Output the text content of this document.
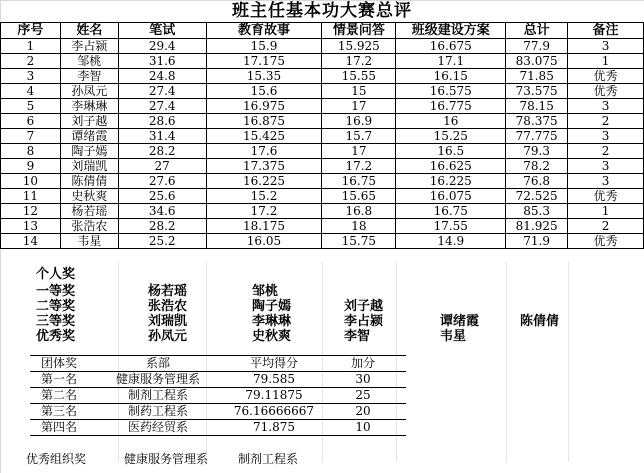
班主任基本功大赛总评
序号	姓名	笔试	教育故事	情景问答	班级建设方案	总计	备注
1	李占颍	29.4	15.9	15.925	16.675	77.9	3
2	邹桃	31.6	17.175	17.2	17.1	83.075	1
3	李智	24.8	15.35	15.55	16.15	71.85	优秀
4	孙凤元	27.4	15.6	15	16.575	73.575	优秀
5	李琳琳	27.4	16.975	17	16.775	78.15	3
6	刘子越	28.6	16.875	16.9	16	78.375	2
7	谭绪霞	31.4	15.425	15.7	15.25	77.775	3
8	陶子嫣	28.2	17.6	17	16.5	79.3	2
9	刘瑞凯	27	17.375	17.2	16.625	78.2	3
10	陈倩倩	27.6	16.225	16.75	16.225	76.8	3
11	史秋爽	25.6	15.2	15.65	16.075	72.525	优秀
12	杨若瑶	34.6	17.2	16.8	16.75	85.3	1
13	张浩农	28.2	18.175	18	17.55	81.925	2
14	韦星	25.2	16.05	15.75	14.9	71.9	优秀
个人奖
一等奖	杨若瑶	邹桃
二等奖	张浩农	陶子嫣	刘子越
三等奖	刘瑞凯	李琳琳	李占颍	谭绪霞	陈倩倩
优秀奖	孙凤元	史秋爽	李智	韦星
团体奖	系部	平均得分	加分
第一名	健康服务管理系	79.585	30
第二名	制剂工程系	79.11875	25
第三名	制药工程系	76.16666667	20
第四名	医药经贸系	71.875	10
优秀组织奖	健康服务管理系 制剂工程系
